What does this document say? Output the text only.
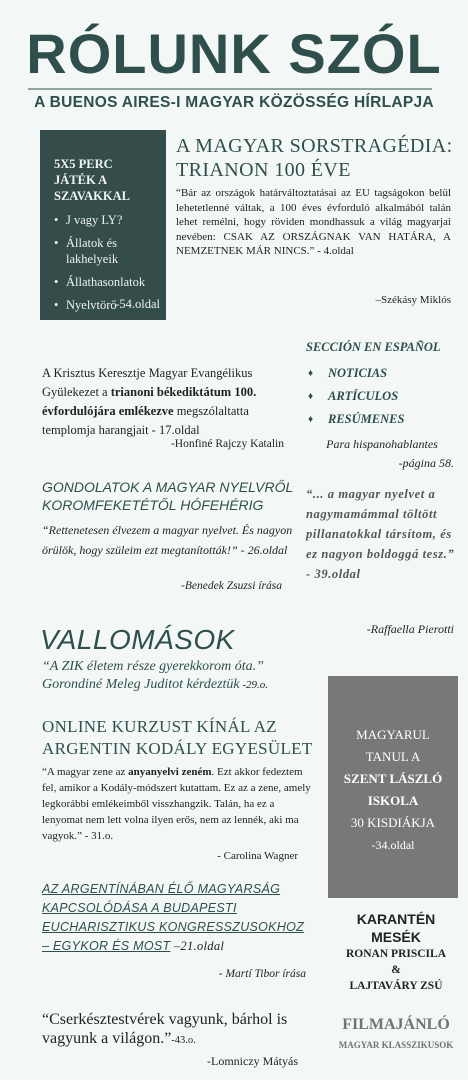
RÓLUNK SZÓL
A BUENOS AIRES-I MAGYAR KÖZÖSSÉG HÍRLAPJA
5X5 PERC JÁTÉK A SZAVAKKAL
• J vagy LY?
• Állatok és lakhelyeik
• Állathasonlatok
• Nyelvtörő
-54.oldal
A MAGYAR SORSTRAGÉDIA: TRIANON 100 ÉVE
“Bár az országok határváltoztatásai az EU tagságokon belül lehetetlenné váltak, a 100 éves évforduló alkalmából talán lehet remélni, hogy röviden mondhassuk a világ magyarjai nevében: CSAK AZ ORSZÁGNAK VAN HATÁRA, A NEMZETNEK MÁR NINCS.” - 4.oldal
–Székásy Miklós
A Krisztus Keresztje Magyar Evangélikus Gyülekezet a trianoni békediktátum 100. évfordulójára emlékezve megszólaltatta templomja harangjait - 17.oldal
-Honfiné Rajczy Katalin
SECCIÓN EN ESPAÑOL
♦ NOTICIAS
♦ ARTÍCULOS
♦ RESÚMENES
Para hispanohablantes
-página 58.
GONDOLATOK A MAGYAR NYELVRŐL KOROMFEKETÉTŐL HÓFEHÉRIG
“Rettenetesen élvezem a magyar nyelvet. És nagyon örülök, hogy szüleim ezt megtanították!” - 26.oldal
-Benedek Zsuzsi írása
“... a magyar nyelvet a nagymamámmal töltött pillanatokkal társítom, és ez nagyon boldoggá tesz.” - 39.oldal
-Raffaella Pierotti
VALLOMÁSOK
“A ZIK életem része gyerekkorom óta.”
Gorondiné Meleg Juditot kérdeztük -29.o.
ONLINE KURZUST KÍNÁL AZ ARGENTIN KODÁLY EGYESÜLET
“A magyar zene az anyanyelvi zeném. Ezt akkor fedeztem fel, amikor a Kodály-módszert kutattam. Ez az a zene, amely legkorábbi emlékeimből visszhangzik. Talán, ha ez a lenyomat nem lett volna ilyen erős, nem az lennék, aki ma vagyok.” - 31.o.
- Carolina Wagner
MAGYARUL
TANUL A
SZENT LÁSZLÓ
ISKOLA
30 KISDIÁKJA
-34.oldal
AZ ARGENTÍNÁBAN ÉLŐ MAGYARSÁG KAPCSOLÓDÁSA A BUDAPESTI EUCHARISZTIKUS KONGRESSZUSOKHOZ – EGYKOR ÉS MOST –21.oldal
- Martí Tibor írása
“Cserkésztestvérek vagyunk, bárhol is vagyunk a világon.”-43.o.
-Lomniczy Mátyás
KARANTÉN
MESÉK
RONAN PRISCILA
&
LAJTAVÁRY ZSÚ
FILMAJÁNLÓ
MAGYAR KLASSZIKUSOK
